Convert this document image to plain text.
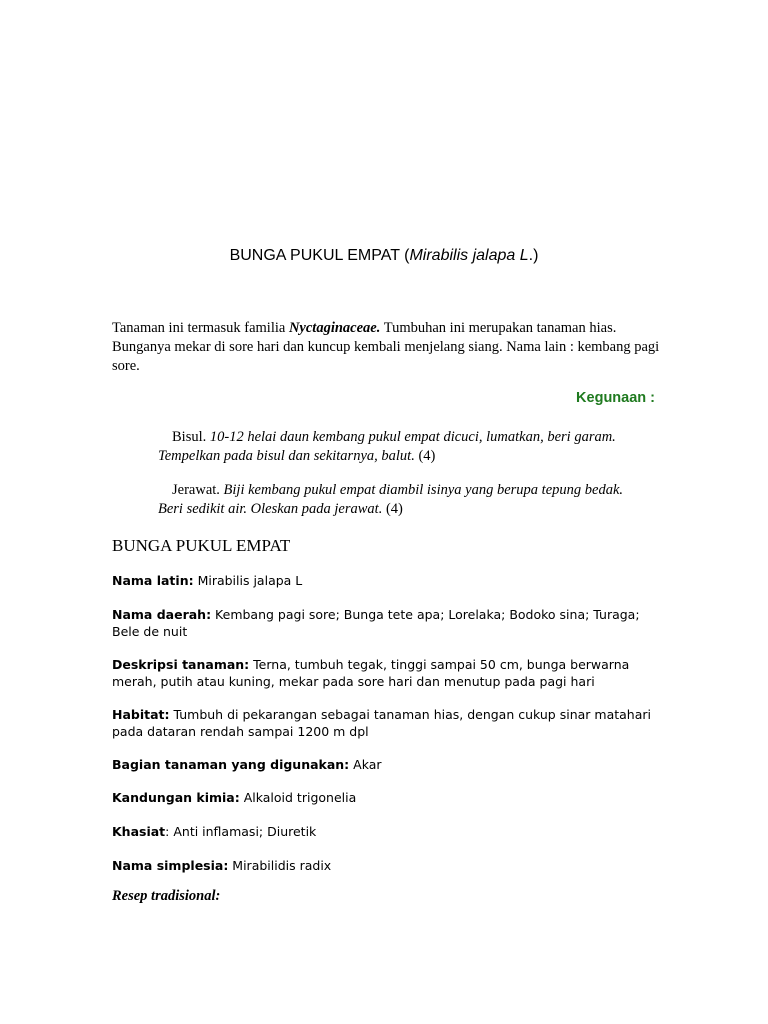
BUNGA PUKUL EMPAT (Mirabilis jalapa L.)

Tanaman ini termasuk familia Nyctaginaceae. Tumbuhan ini merupakan tanaman hias. Bunganya mekar di sore hari dan kuncup kembali menjelang siang. Nama lain : kembang pagi sore.

Kegunaan :

Bisul. 10-12 helai daun kembang pukul empat dicuci, lumatkan, beri garam. Tempelkan pada bisul dan sekitarnya, balut. (4)

Jerawat. Biji kembang pukul empat diambil isinya yang berupa tepung bedak. Beri sedikit air. Oleskan pada jerawat. (4)

BUNGA PUKUL EMPAT

Nama latin: Mirabilis jalapa L

Nama daerah: Kembang pagi sore; Bunga tete apa; Lorelaka; Bodoko sina; Turaga; Bele de nuit

Deskripsi tanaman: Terna, tumbuh tegak, tinggi sampai 50 cm, bunga berwarna merah, putih atau kuning, mekar pada sore hari dan menutup pada pagi hari

Habitat: Tumbuh di pekarangan sebagai tanaman hias, dengan cukup sinar matahari pada dataran rendah sampai 1200 m dpl

Bagian tanaman yang digunakan: Akar

Kandungan kimia: Alkaloid trigonelia

Khasiat: Anti inflamasi; Diuretik

Nama simplesia: Mirabilidis radix

Resep tradisional:
